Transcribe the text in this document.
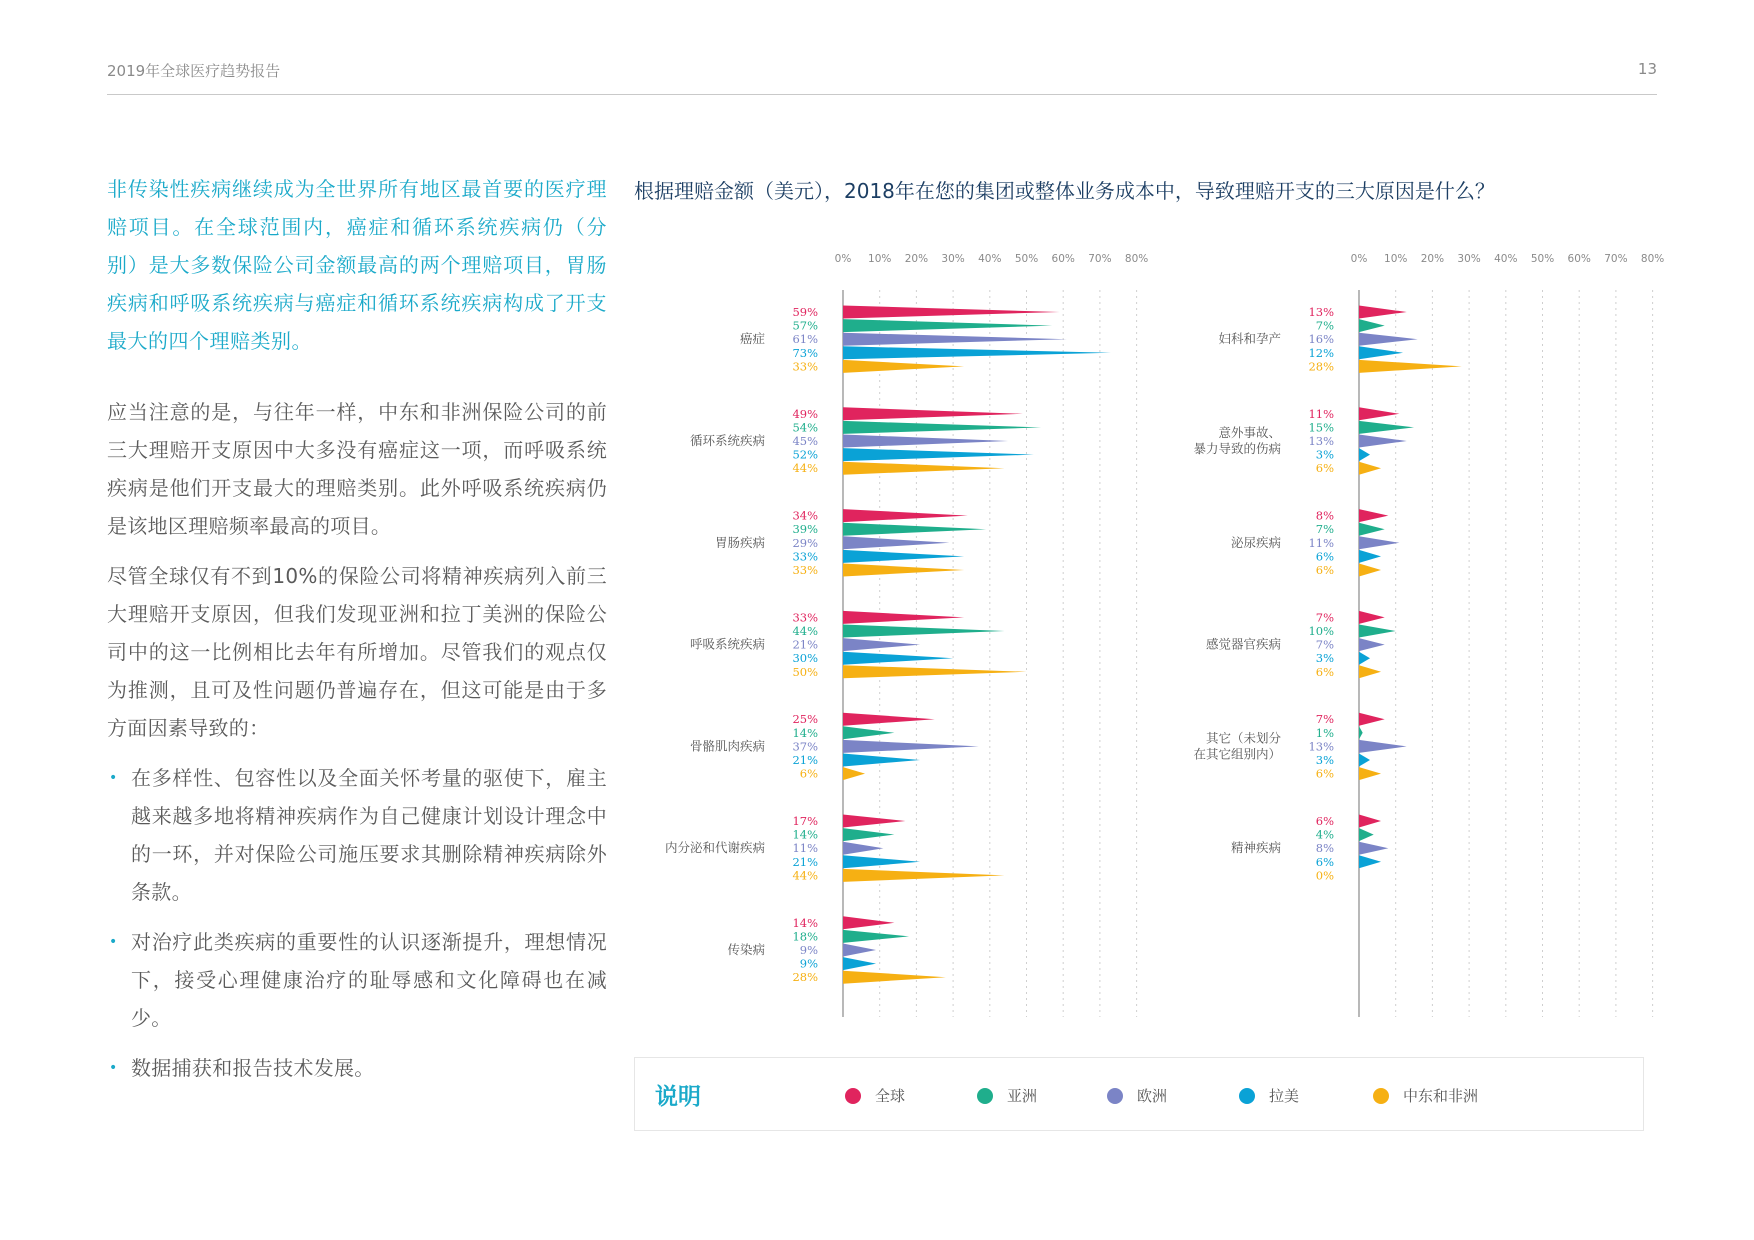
2019年全球医疗趋势报告	13

非传染性疾病继续成为全世界所有地区最首要的医疗理赔项目。在全球范围内，癌症和循环系统疾病仍（分别）是大多数保险公司金额最高的两个理赔项目，胃肠疾病和呼吸系统疾病与癌症和循环系统疾病构成了开支最大的四个理赔类别。

应当注意的是，与往年一样，中东和非洲保险公司的前三大理赔开支原因中大多没有癌症这一项，而呼吸系统疾病是他们开支最大的理赔类别。此外呼吸系统疾病仍是该地区理赔频率最高的项目。

尽管全球仅有不到10%的保险公司将精神疾病列入前三大理赔开支原因，但我们发现亚洲和拉丁美洲的保险公司中的这一比例相比去年有所增加。尽管我们的观点仅为推测，且可及性问题仍普遍存在，但这可能是由于多方面因素导致的：

• 在多样性、包容性以及全面关怀考量的驱使下，雇主越来越多地将精神疾病作为自己健康计划设计理念中的一环，并对保险公司施压要求其删除精神疾病除外条款。
• 对治疗此类疾病的重要性的认识逐渐提升，理想情况下，接受心理健康治疗的耻辱感和文化障碍也在减少。
• 数据捕获和报告技术发展。
根据理赔金额（美元），2018年在您的集团或整体业务成本中，导致理赔开支的三大原因是什么？
0% 10% 20% 30% 40% 50% 60% 70% 80%
59%
57%
61%
73%
33%
癌症
49%
54%
45%
52%
44%
循环系统疾病
34%
39%
29%
33%
33%
胃肠疾病
33%
44%
21%
30%
50%
呼吸系统疾病
25%
14%
37%
21%
6%
骨骼肌肉疾病
17%
14%
11%
21%
44%
内分泌和代谢疾病
14%
18%
9%
9%
28%
传染病
0% 10% 20% 30% 40% 50% 60% 70% 80%
13%
7%
16%
12%
28%
妇科和孕产
11%
15%
13%
3%
6%
意外事故、
暴力导致的伤病
8%
7%
11%
6%
6%
泌尿疾病
7%
10%
7%
3%
6%
感觉器官疾病
7%
1%
13%
3%
6%
其它（未划分
在其它组别内）
6%
4%
8%
6%
0%
精神疾病
说明	全球	亚洲	欧洲	拉美	中东和非洲
